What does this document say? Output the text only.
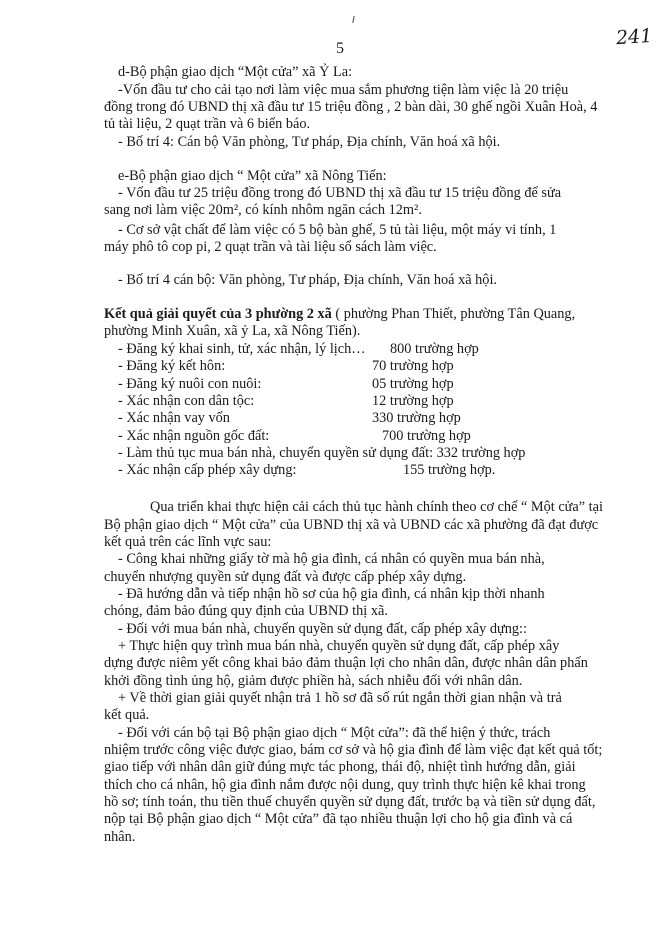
5	241
d-Bộ phận giao dịch “Một cửa” xã Ỷ La:
-Vốn đầu tư cho cải tạo nơi làm việc mua sắm phương tiện làm việc là 20 triệu
đồng trong đó UBND thị xã đầu tư 15 triệu đồng , 2 bàn dài, 30 ghế ngồi Xuân Hoà, 4
tủ tài liệu, 2 quạt trần và 6 biển báo.
- Bố trí 4: Cán bộ Văn phòng, Tư pháp, Địa chính, Văn hoá xã hội.
e-Bộ phận giao dịch “ Một cửa” xã Nông Tiến:
- Vốn đầu tư 25 triệu đồng trong đó UBND thị xã đầu tư 15 triệu đồng để sửa
sang nơi làm việc 20m², có kính nhôm ngăn cách 12m².
- Cơ sở vật chất để làm việc có 5 bộ bàn ghế, 5 tủ tài liệu, một máy vi tính, 1
máy phô tô cop pi, 2 quạt trần và tài liệu sổ sách làm việc.
- Bố trí 4 cán bộ: Văn phòng, Tư pháp, Địa chính, Văn hoá xã hội.
Kết quả giải quyết của 3 phường 2 xã ( phường Phan Thiết, phường Tân Quang,
phường Minh Xuân, xã ỷ La, xã Nông Tiến).
- Đăng ký khai sinh, tử, xác nhận, lý lịch… 800 trường hợp
- Đăng ký kết hôn:	70 trường hợp
- Đăng ký nuôi con nuôi:	05 trường hợp
- Xác nhận con dân tộc:	12 trường hợp
- Xác nhận vay vốn	330 trường hợp
- Xác nhận nguồn gốc đất:	700 trường hợp
- Làm thủ tục mua bán nhà, chuyển quyền sử dụng đất: 332 trường hợp
- Xác nhận cấp phép xây dựng:	155 trường hợp.
Qua triển khai thực hiện cải cách thủ tục hành chính theo cơ chế “ Một cửa” tại
Bộ phận giao dịch “ Một cửa” của UBND thị xã và UBND các xã phường đã đạt được
kết quả trên các lĩnh vực sau:
- Công khai những giấy tờ mà hộ gia đình, cá nhân có quyền mua bán nhà,
chuyển nhượng quyền sử dụng đất và được cấp phép xây dựng.
- Đã hướng dẫn và tiếp nhận hồ sơ của hộ gia đình, cá nhân kịp thời nhanh
chóng, đảm bảo đúng quy định của UBND thị xã.
- Đối với mua bán nhà, chuyển quyền sử dụng đất, cấp phép xây dựng::
+ Thực hiện quy trình mua bán nhà, chuyển quyền sử dụng đất, cấp phép xây
dựng được niêm yết công khai bảo đảm thuận lợi cho nhân dân, được nhân dân phấn
khởi đồng tình ủng hộ, giảm được phiền hà, sách nhiễu đối với nhân dân.
+ Về thời gian giải quyết nhận trả 1 hồ sơ đã số rút ngắn thời gian nhận và trả
kết quả.
- Đối với cán bộ tại Bộ phận giao dịch “ Một cửa”: đã thể hiện ý thức, trách
nhiệm trước công việc được giao, bám cơ sở và hộ gia đình để làm việc đạt kết quả tốt;
giao tiếp với nhân dân giữ đúng mực tác phong, thái độ, nhiệt tình hướng dẫn, giải
thích cho cá nhân, hộ gia đình nắm được nội dung, quy trình thực hiện kê khai trong
hồ sơ; tính toán, thu tiền thuế chuyển quyền sử dụng đất, trước bạ và tiền sử dụng đất,
nộp tại Bộ phận giao dịch “ Một cửa” đã tạo nhiều thuận lợi cho hộ gia đình và cá
nhân.
